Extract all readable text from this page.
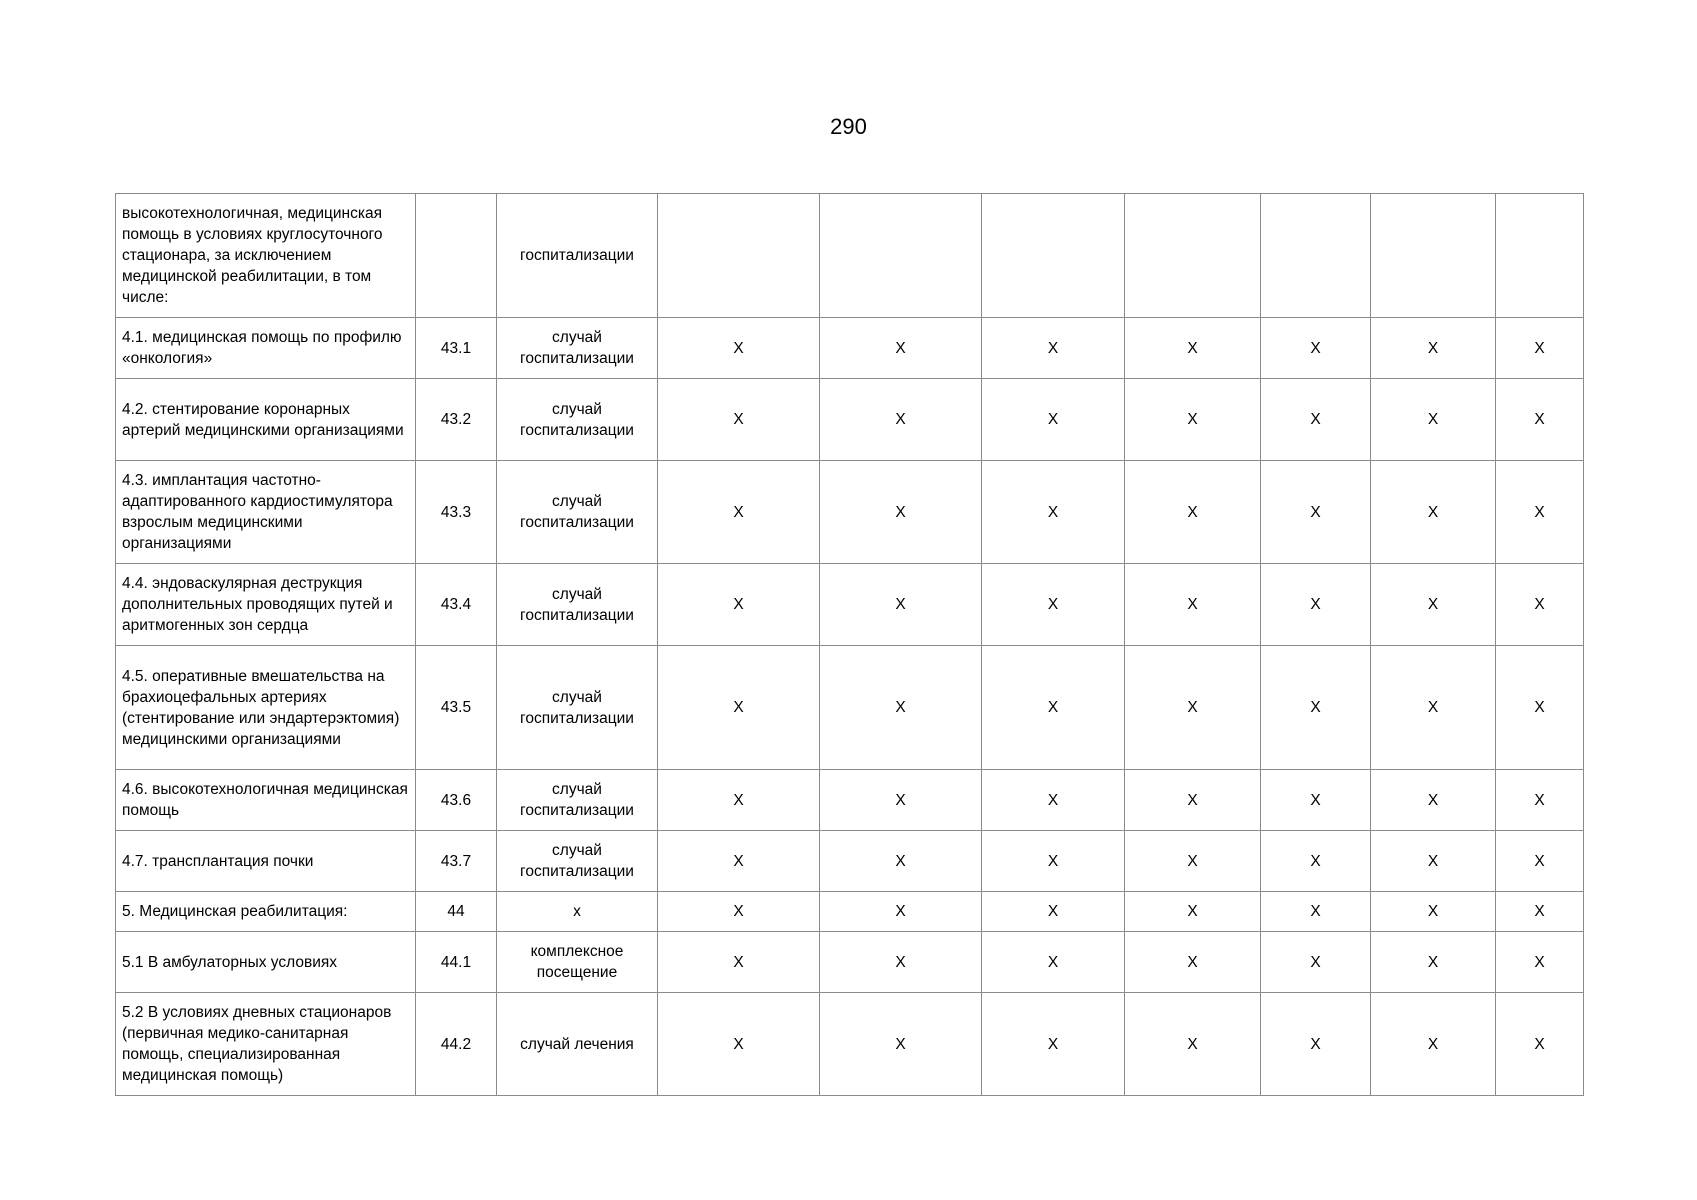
290
высокотехнологичная, медицинская помощь в условиях круглосуточного стационара, за исключением медицинской реабилитации, в том числе:		госпитализации							
4.1. медицинская помощь по профилю «онкология»	43.1	случай госпитализации	X	X	X	X	X	X	X
4.2. стентирование коронарных артерий медицинскими организациями	43.2	случай госпитализации	X	X	X	X	X	X	X
4.3. имплантация частотно-адаптированного кардиостимулятора взрослым медицинскими организациями	43.3	случай госпитализации	X	X	X	X	X	X	X
4.4. эндоваскулярная деструкция дополнительных проводящих путей и аритмогенных зон сердца	43.4	случай госпитализации	X	X	X	X	X	X	X
4.5. оперативные вмешательства на брахиоцефальных артериях (стентирование или эндартерэктомия) медицинскими организациями	43.5	случай госпитализации	X	X	X	X	X	X	X
4.6. высокотехнологичная медицинская помощь	43.6	случай госпитализации	X	X	X	X	X	X	X
4.7. трансплантация почки	43.7	случай госпитализации	X	X	X	X	X	X	X
5. Медицинская реабилитация:	44	х	X	X	X	X	X	X	X
5.1 В амбулаторных условиях	44.1	комплексное посещение	X	X	X	X	X	X	X
5.2 В условиях дневных стационаров (первичная медико-санитарная помощь, специализированная медицинская помощь)	44.2	случай лечения	X	X	X	X	X	X	X
